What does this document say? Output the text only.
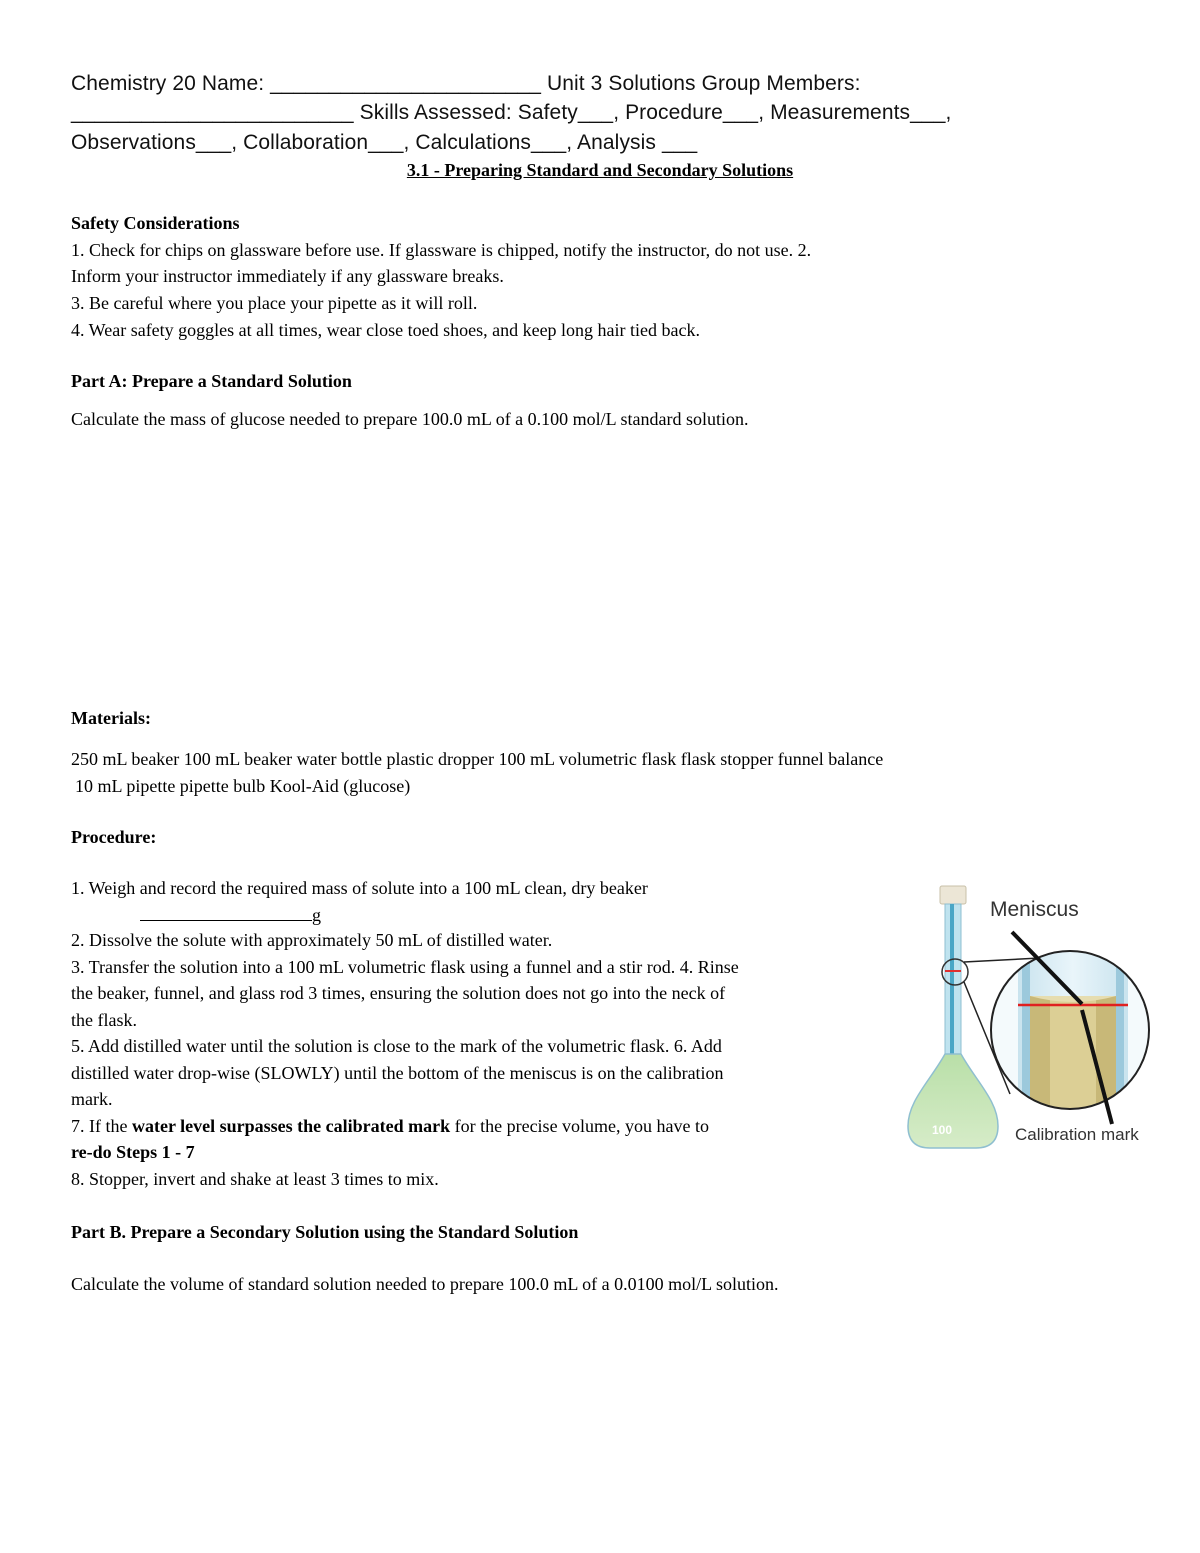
Chemistry 20 Name: _______________________ Unit 3 Solutions Group Members:
________________________ Skills Assessed: Safety___, Procedure___, Measurements___,
Observations___, Collaboration___, Calculations___, Analysis ___
3.1 - Preparing Standard and Secondary Solutions
Safety Considerations
1. Check for chips on glassware before use. If glassware is chipped, notify the instructor, do not use. 2.
Inform your instructor immediately if any glassware breaks.
3. Be careful where you place your pipette as it will roll.
4. Wear safety goggles at all times, wear close toed shoes, and keep long hair tied back.
Part A: Prepare a Standard Solution
Calculate the mass of glucose needed to prepare 100.0 mL of a 0.100 mol/L standard solution.
Materials:
250 mL beaker 100 mL beaker water bottle plastic dropper 100 mL volumetric flask flask stopper funnel balance
10 mL pipette pipette bulb Kool-Aid (glucose)
Procedure:
1. Weigh and record the required mass of solute into a 100 mL clean, dry beaker
g
2. Dissolve the solute with approximately 50 mL of distilled water.
3. Transfer the solution into a 100 mL volumetric flask using a funnel and a stir rod. 4. Rinse
the beaker, funnel, and glass rod 3 times, ensuring the solution does not go into the neck of
the flask.
5. Add distilled water until the solution is close to the mark of the volumetric flask. 6. Add
distilled water drop-wise (SLOWLY) until the bottom of the meniscus is on the calibration
mark.
7. If the water level surpasses the calibrated mark for the precise volume, you have to
re-do Steps 1 - 7
8. Stopper, invert and shake at least 3 times to mix.
100
Meniscus
Calibration mark
Part B. Prepare a Secondary Solution using the Standard Solution
Calculate the volume of standard solution needed to prepare 100.0 mL of a 0.0100 mol/L solution.
